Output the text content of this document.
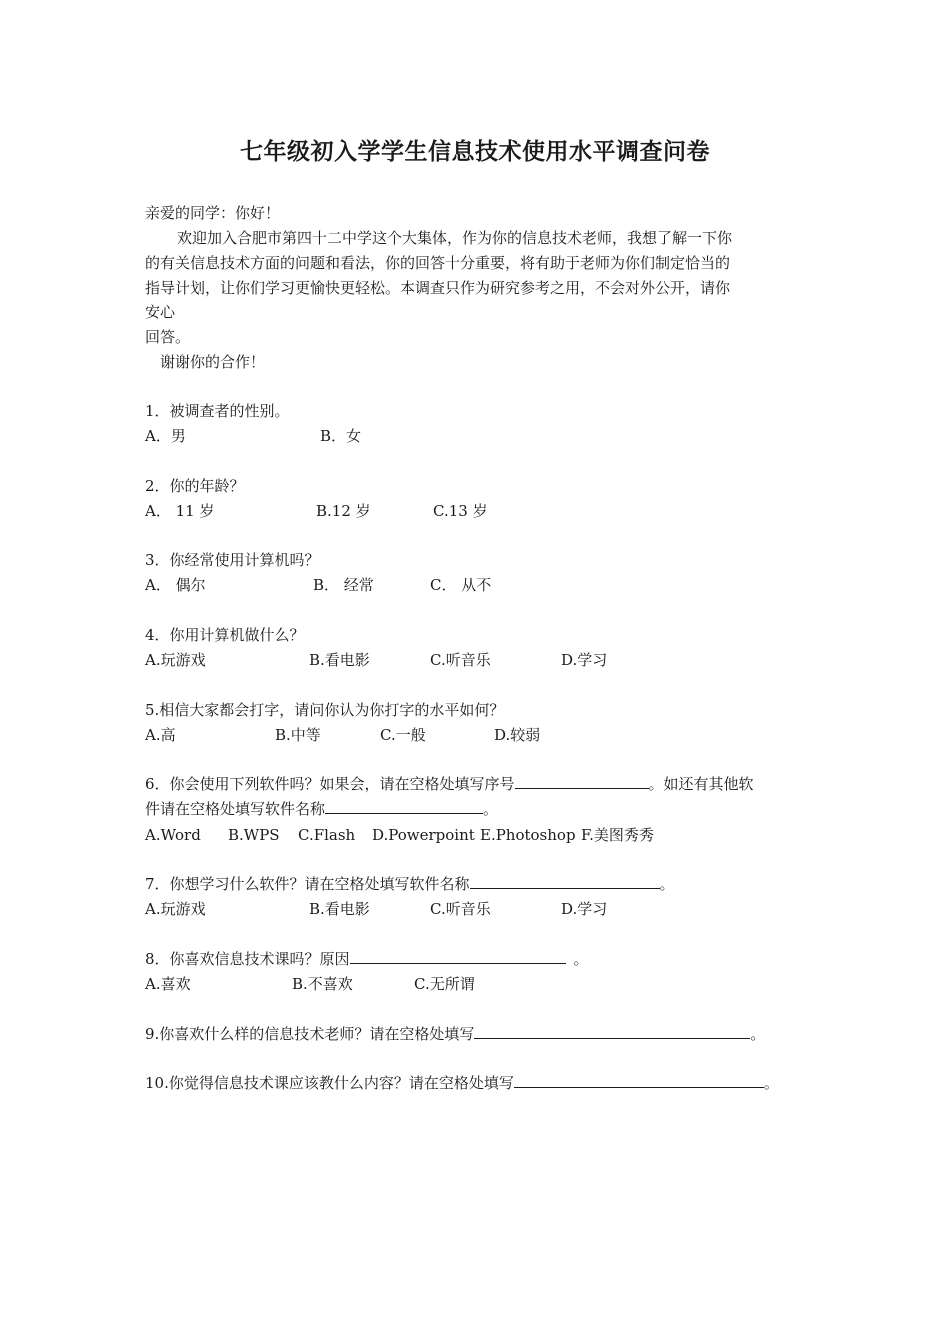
七年级初入学学生信息技术使用水平调查问卷
亲爱的同学：你好！
欢迎加入合肥市第四十二中学这个大集体，作为你的信息技术老师，我想了解一下你
的有关信息技术方面的问题和看法，你的回答十分重要，将有助于老师为你们制定恰当的
指导计划，让你们学习更愉快更轻松。本调查只作为研究参考之用，不会对外公开，请你
安心
回答。
谢谢你的合作！
1．被调查者的性别。
A．男	B．女
2．你的年龄？
A． 11 岁	B.12 岁	C.13 岁
3．你经常使用计算机吗？
A． 偶尔	B． 经常	C． 从不
4．你用计算机做什么？
A.玩游戏	B.看电影	C.听音乐	D.学习
5.相信大家都会打字，请问你认为你打字的水平如何？
A.高	B.中等	C.一般	D.较弱
6．你会使用下列软件吗？如果会，请在空格处填写序号	。如还有其他软
件请在空格处填写软件名称	。
A.Word B.WPS C.Flash D.Powerpoint E.Photoshop F.美图秀秀
7．你想学习什么软件？请在空格处填写软件名称	。
A.玩游戏	B.看电影	C.听音乐	D.学习
8．你喜欢信息技术课吗？原因	。
A.喜欢	B.不喜欢	C.无所谓
9.你喜欢什么样的信息技术老师？请在空格处填写	。
10.你觉得信息技术课应该教什么内容？请在空格处填写	。
